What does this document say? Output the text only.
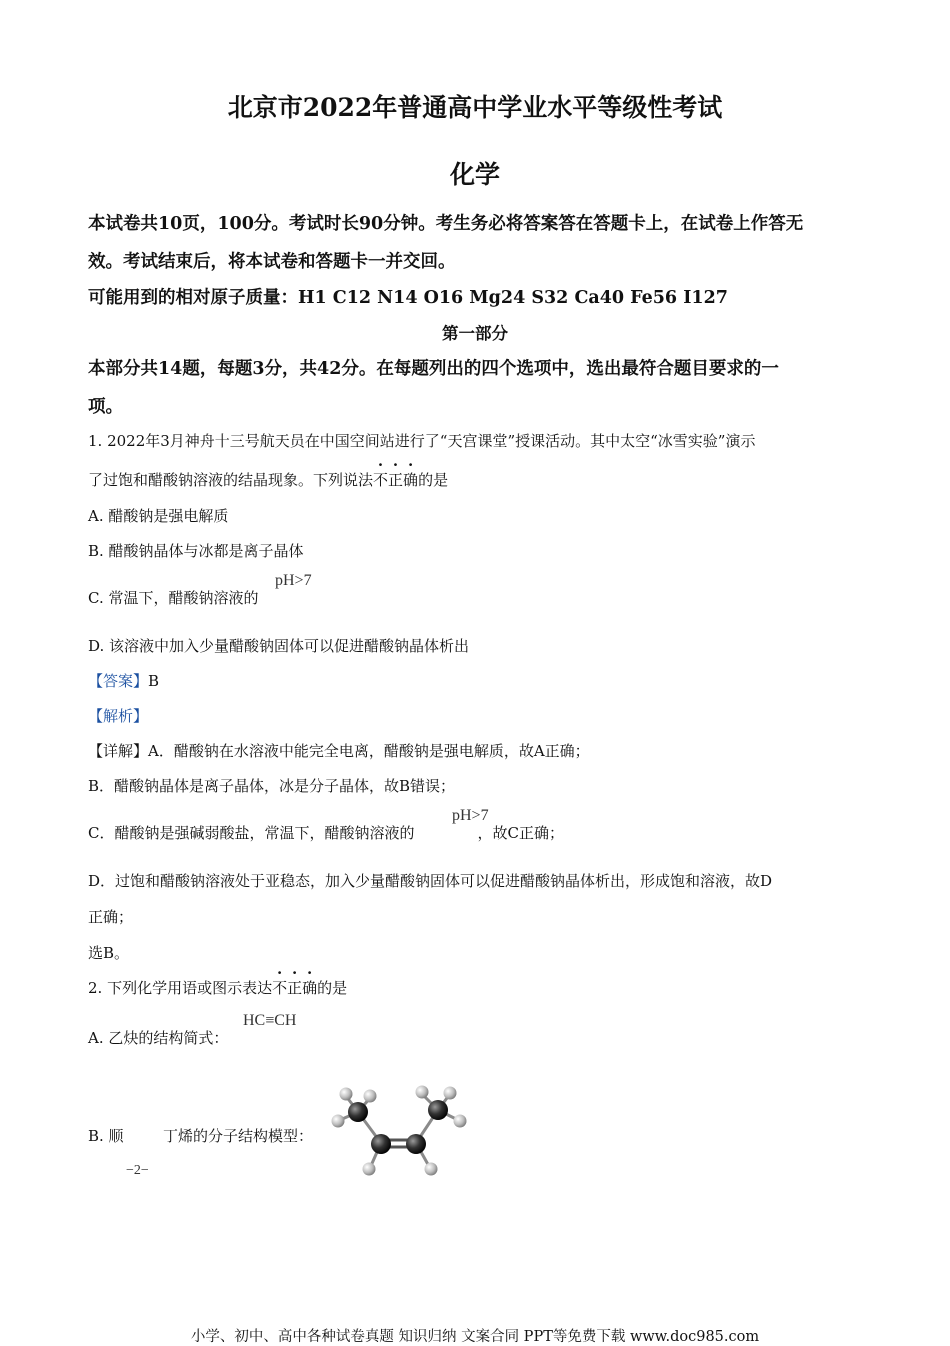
北京市2022年普通高中学业水平等级性考试
化学
本试卷共10页，100分。考试时长90分钟。考生务必将答案答在答题卡上，在试卷上作答无
效。考试结束后，将本试卷和答题卡一并交回。
可能用到的相对原子质量：H1 C12 N14 O16 Mg24 S32 Ca40 Fe56 I127
第一部分
本部分共14题，每题3分，共42分。在每题列出的四个选项中，选出最符合题目要求的一
项。
1. 2022年3月神舟十三号航天员在中国空间站进行了“天宫课堂”授课活动。其中太空“冰雪实验”演示
了过饱和醋酸钠溶液的结晶现象。下列说法不正确的是
A. 醋酸钠是强电解质
B. 醋酸钠晶体与冰都是离子晶体
C. 常温下，醋酸钠溶液的
pH>7
D. 该溶液中加入少量醋酸钠固体可以促进醋酸钠晶体析出
【答案】B
【解析】
【详解】A．醋酸钠在水溶液中能完全电离，醋酸钠是强电解质，故A正确；
B．醋酸钠晶体是离子晶体，冰是分子晶体，故B错误；
C．醋酸钠是强碱弱酸盐，常温下，醋酸钠溶液的	，故C正确；
pH>7
D．过饱和醋酸钠溶液处于亚稳态，加入少量醋酸钠固体可以促进醋酸钠晶体析出，形成饱和溶液，故D
正确；
选B。
2. 下列化学用语或图示表达不正确的是
A. 乙炔的结构简式：
HC≡CH
B. 顺	丁烯的分子结构模型：
−2−
小学、初中、高中各种试卷真题 知识归纳 文案合同 PPT等免费下载 www.doc985.com
